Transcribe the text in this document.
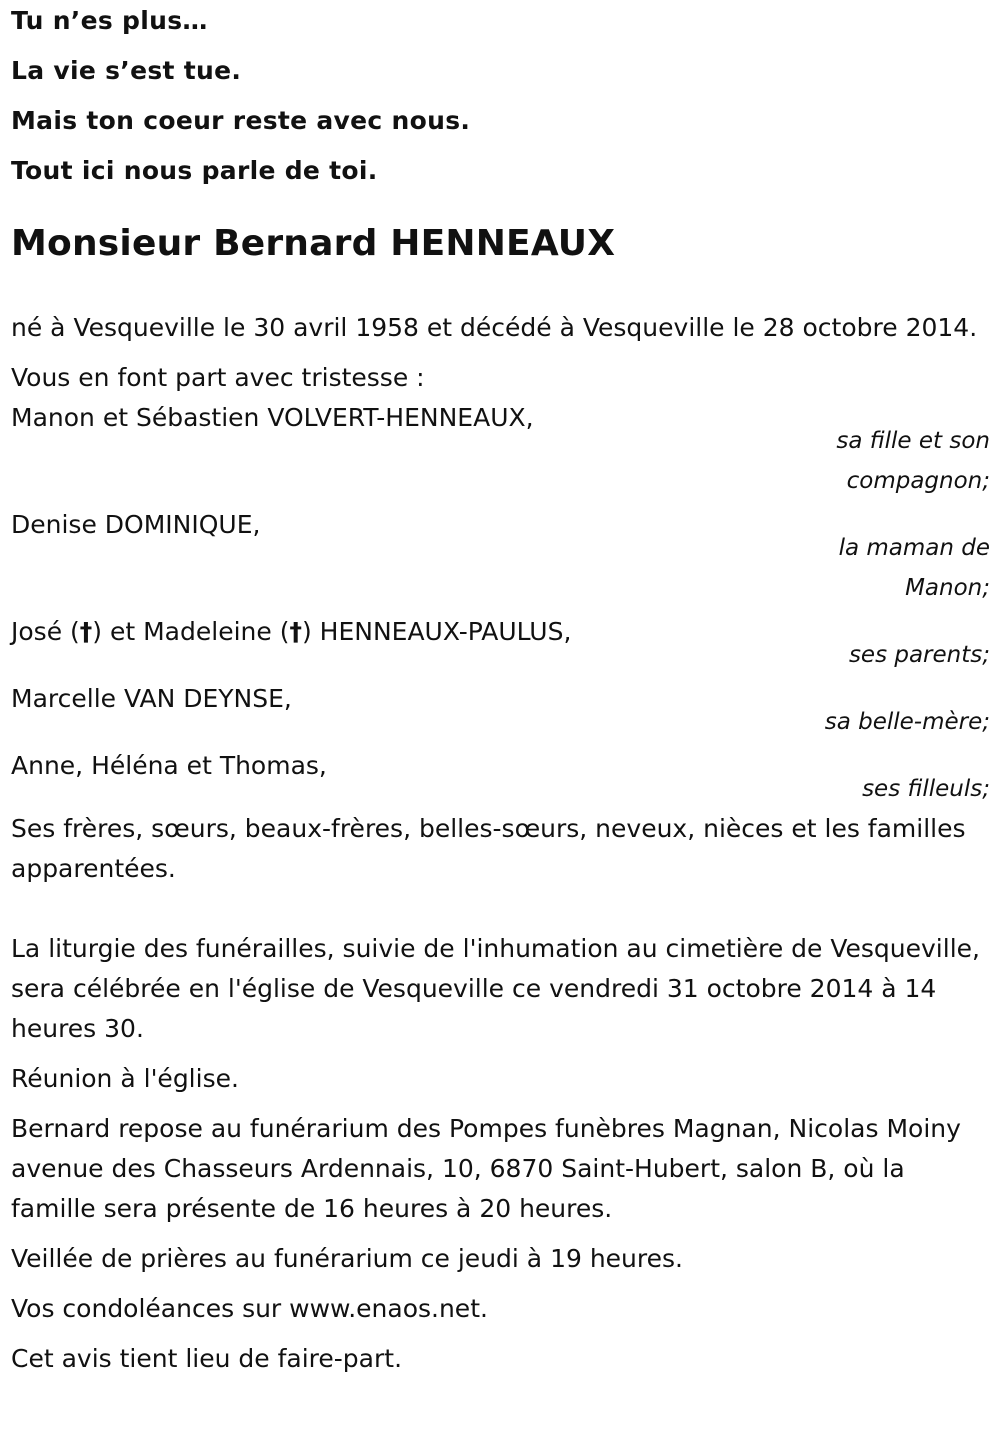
Tu n’es plus…

La vie s’est tue.

Mais ton coeur reste avec nous.

Tout ici nous parle de toi.

Monsieur Bernard HENNEAUX

né à Vesqueville le 30 avril 1958 et décédé à Vesqueville le 28 octobre 2014.

Vous en font part avec tristesse :

Manon et Sébastien VOLVERT-HENNEAUX,

sa fille et son compagnon;

Denise DOMINIQUE,

la maman de Manon;

José (†) et Madeleine (†) HENNEAUX-PAULUS,

ses parents;

Marcelle VAN DEYNSE,

sa belle-mère;

Anne, Héléna et Thomas,

ses filleuls;

Ses frères, sœurs, beaux-frères, belles-sœurs, neveux, nièces et les familles apparentées.

La liturgie des funérailles, suivie de l'inhumation au cimetière de Vesqueville, sera célébrée en l'église de Vesqueville ce vendredi 31 octobre 2014 à 14 heures 30.

Réunion à l'église.

Bernard repose au funérarium des Pompes funèbres Magnan, Nicolas Moiny avenue des Chasseurs Ardennais, 10, 6870 Saint-Hubert, salon B, où la famille sera présente de 16 heures à 20 heures.

Veillée de prières au funérarium ce jeudi à 19 heures.

Vos condoléances sur www.enaos.net.

Cet avis tient lieu de faire-part.
